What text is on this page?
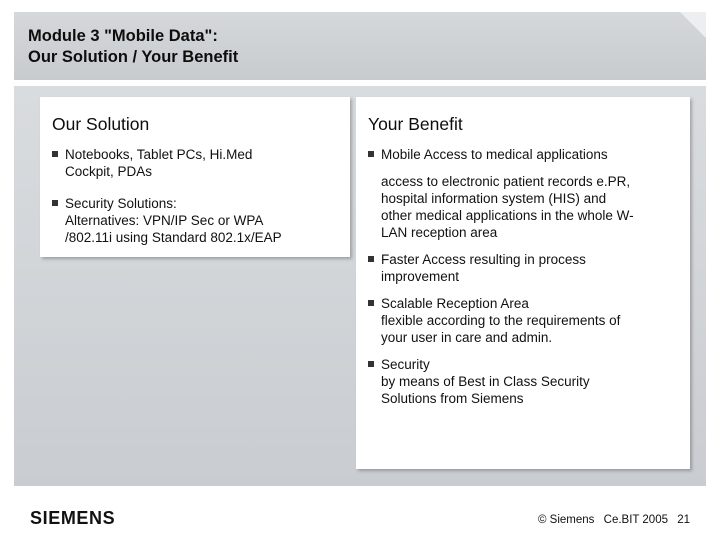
Module 3 "Mobile Data":
Our Solution / Your Benefit
Our Solution
Notebooks, Tablet PCs, Hi.Med
Cockpit, PDAs
Security Solutions:
Alternatives: VPN/IP Sec or WPA
/802.11i using Standard 802.1x/EAP
Your Benefit
Mobile Access to medical applications
access to electronic patient records e.PR,
hospital information system (HIS) and
other medical applications in the whole W-
LAN reception area
Faster Access resulting in process
improvement
Scalable Reception Area
flexible according to the requirements of
your user in care and admin.
Security
by means of Best in Class Security
Solutions from Siemens
SIEMENS	© Siemens Ce.BIT 2005 21
